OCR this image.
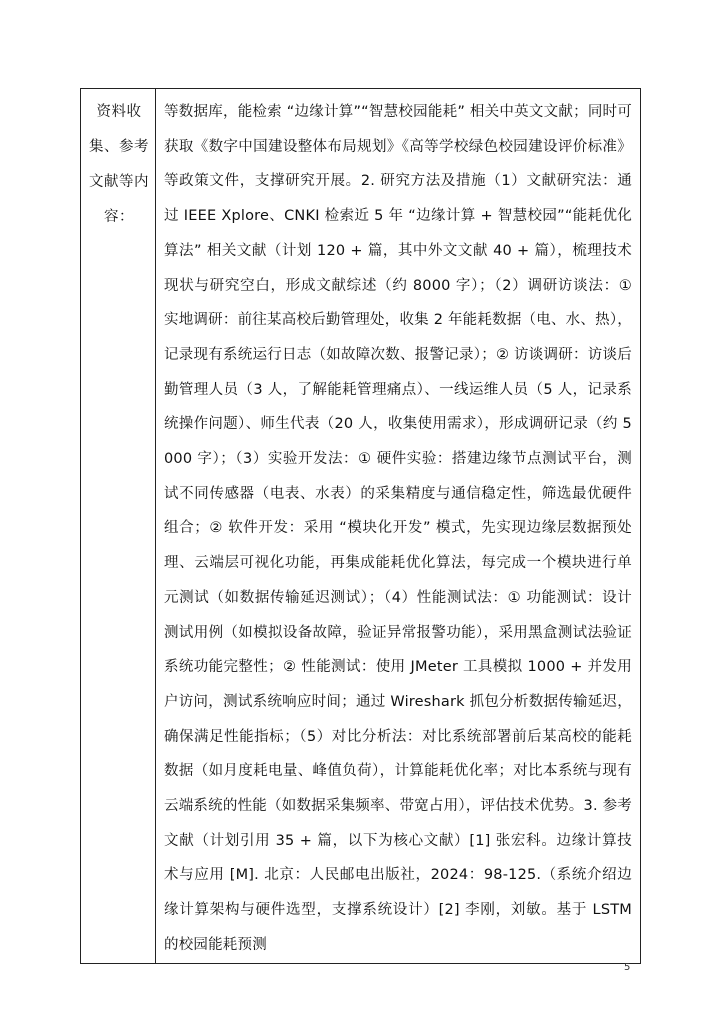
资料收集、参考文献等内容：

等数据库，能检索 “边缘计算”“智慧校园能耗” 相关中英文文献；同时可获取《数字中国建设整体布局规划》《高等学校绿色校园建设评价标准》等政策文件，支撑研究开展。2. 研究方法及措施（1）文献研究法：通过 IEEE Xplore、CNKI 检索近 5 年 “边缘计算 + 智慧校园”“能耗优化算法” 相关文献（计划 120 + 篇，其中外文文献 40 + 篇），梳理技术现状与研究空白，形成文献综述（约 8000 字）；（2）调研访谈法：① 实地调研：前往某高校后勤管理处，收集 2 年能耗数据（电、水、热），记录现有系统运行日志（如故障次数、报警记录）；② 访谈调研：访谈后勤管理人员（3 人，了解能耗管理痛点）、一线运维人员（5 人，记录系统操作问题）、师生代表（20 人，收集使用需求），形成调研记录（约 5000 字）；（3）实验开发法：① 硬件实验：搭建边缘节点测试平台，测试不同传感器（电表、水表）的采集精度与通信稳定性，筛选最优硬件组合；② 软件开发：采用 “模块化开发” 模式，先实现边缘层数据预处理、云端层可视化功能，再集成能耗优化算法，每完成一个模块进行单元测试（如数据传输延迟测试）；（4）性能测试法：① 功能测试：设计测试用例（如模拟设备故障，验证异常报警功能），采用黑盒测试法验证系统功能完整性；② 性能测试：使用 JMeter 工具模拟 1000 + 并发用户访问，测试系统响应时间；通过 Wireshark 抓包分析数据传输延迟，确保满足性能指标；（5）对比分析法：对比系统部署前后某高校的能耗数据（如月度耗电量、峰值负荷），计算能耗优化率；对比本系统与现有云端系统的性能（如数据采集频率、带宽占用），评估技术优势。3. 参考文献（计划引用 35 + 篇，以下为核心文献）[1] 张宏科。边缘计算技术与应用 [M]. 北京：人民邮电出版社，2024：98-125.（系统介绍边缘计算架构与硬件选型，支撑系统设计）[2] 李刚，刘敏。基于 LSTM 的校园能耗预测
5
